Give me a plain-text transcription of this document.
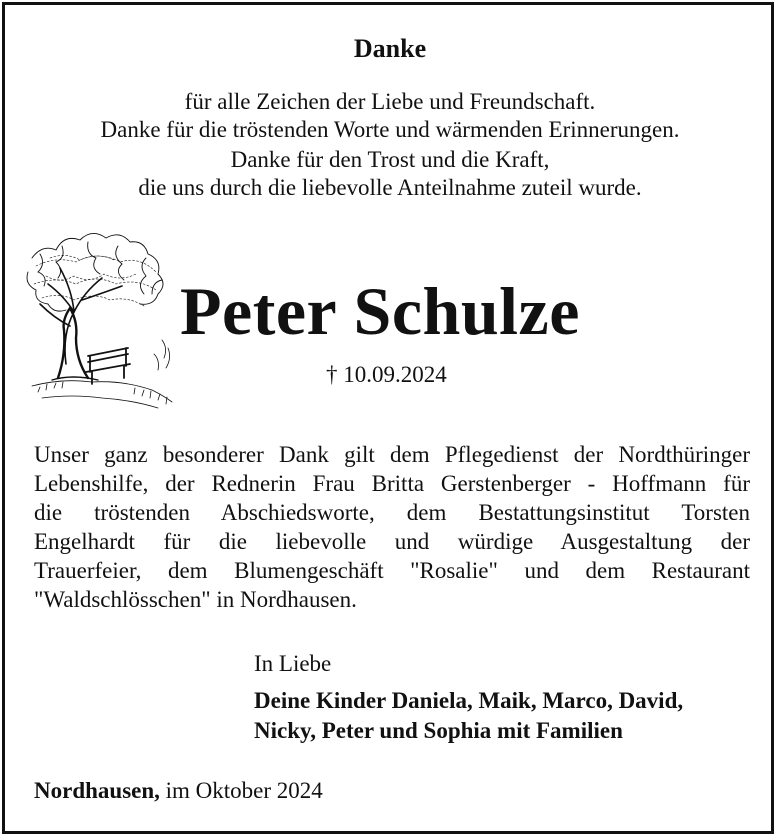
Danke
für alle Zeichen der Liebe und Freundschaft.
Danke für die tröstenden Worte und wärmenden Erinnerungen.
Danke für den Trost und die Kraft,
die uns durch die liebevolle Anteilnahme zuteil wurde.
Peter Schulze
† 10.09.2024
Unser ganz besonderer Dank gilt dem Pflegedienst der Nordthüringer
Lebenshilfe, der Rednerin Frau Britta Gerstenberger - Hoffmann für
die tröstenden Abschiedsworte, dem Bestattungsinstitut Torsten
Engelhardt für die liebevolle und würdige Ausgestaltung der
Trauerfeier, dem Blumengeschäft "Rosalie" und dem Restaurant
"Waldschlösschen" in Nordhausen.
In Liebe
Deine Kinder Daniela, Maik, Marco, David,
Nicky, Peter und Sophia mit Familien
Nordhausen, im Oktober 2024
